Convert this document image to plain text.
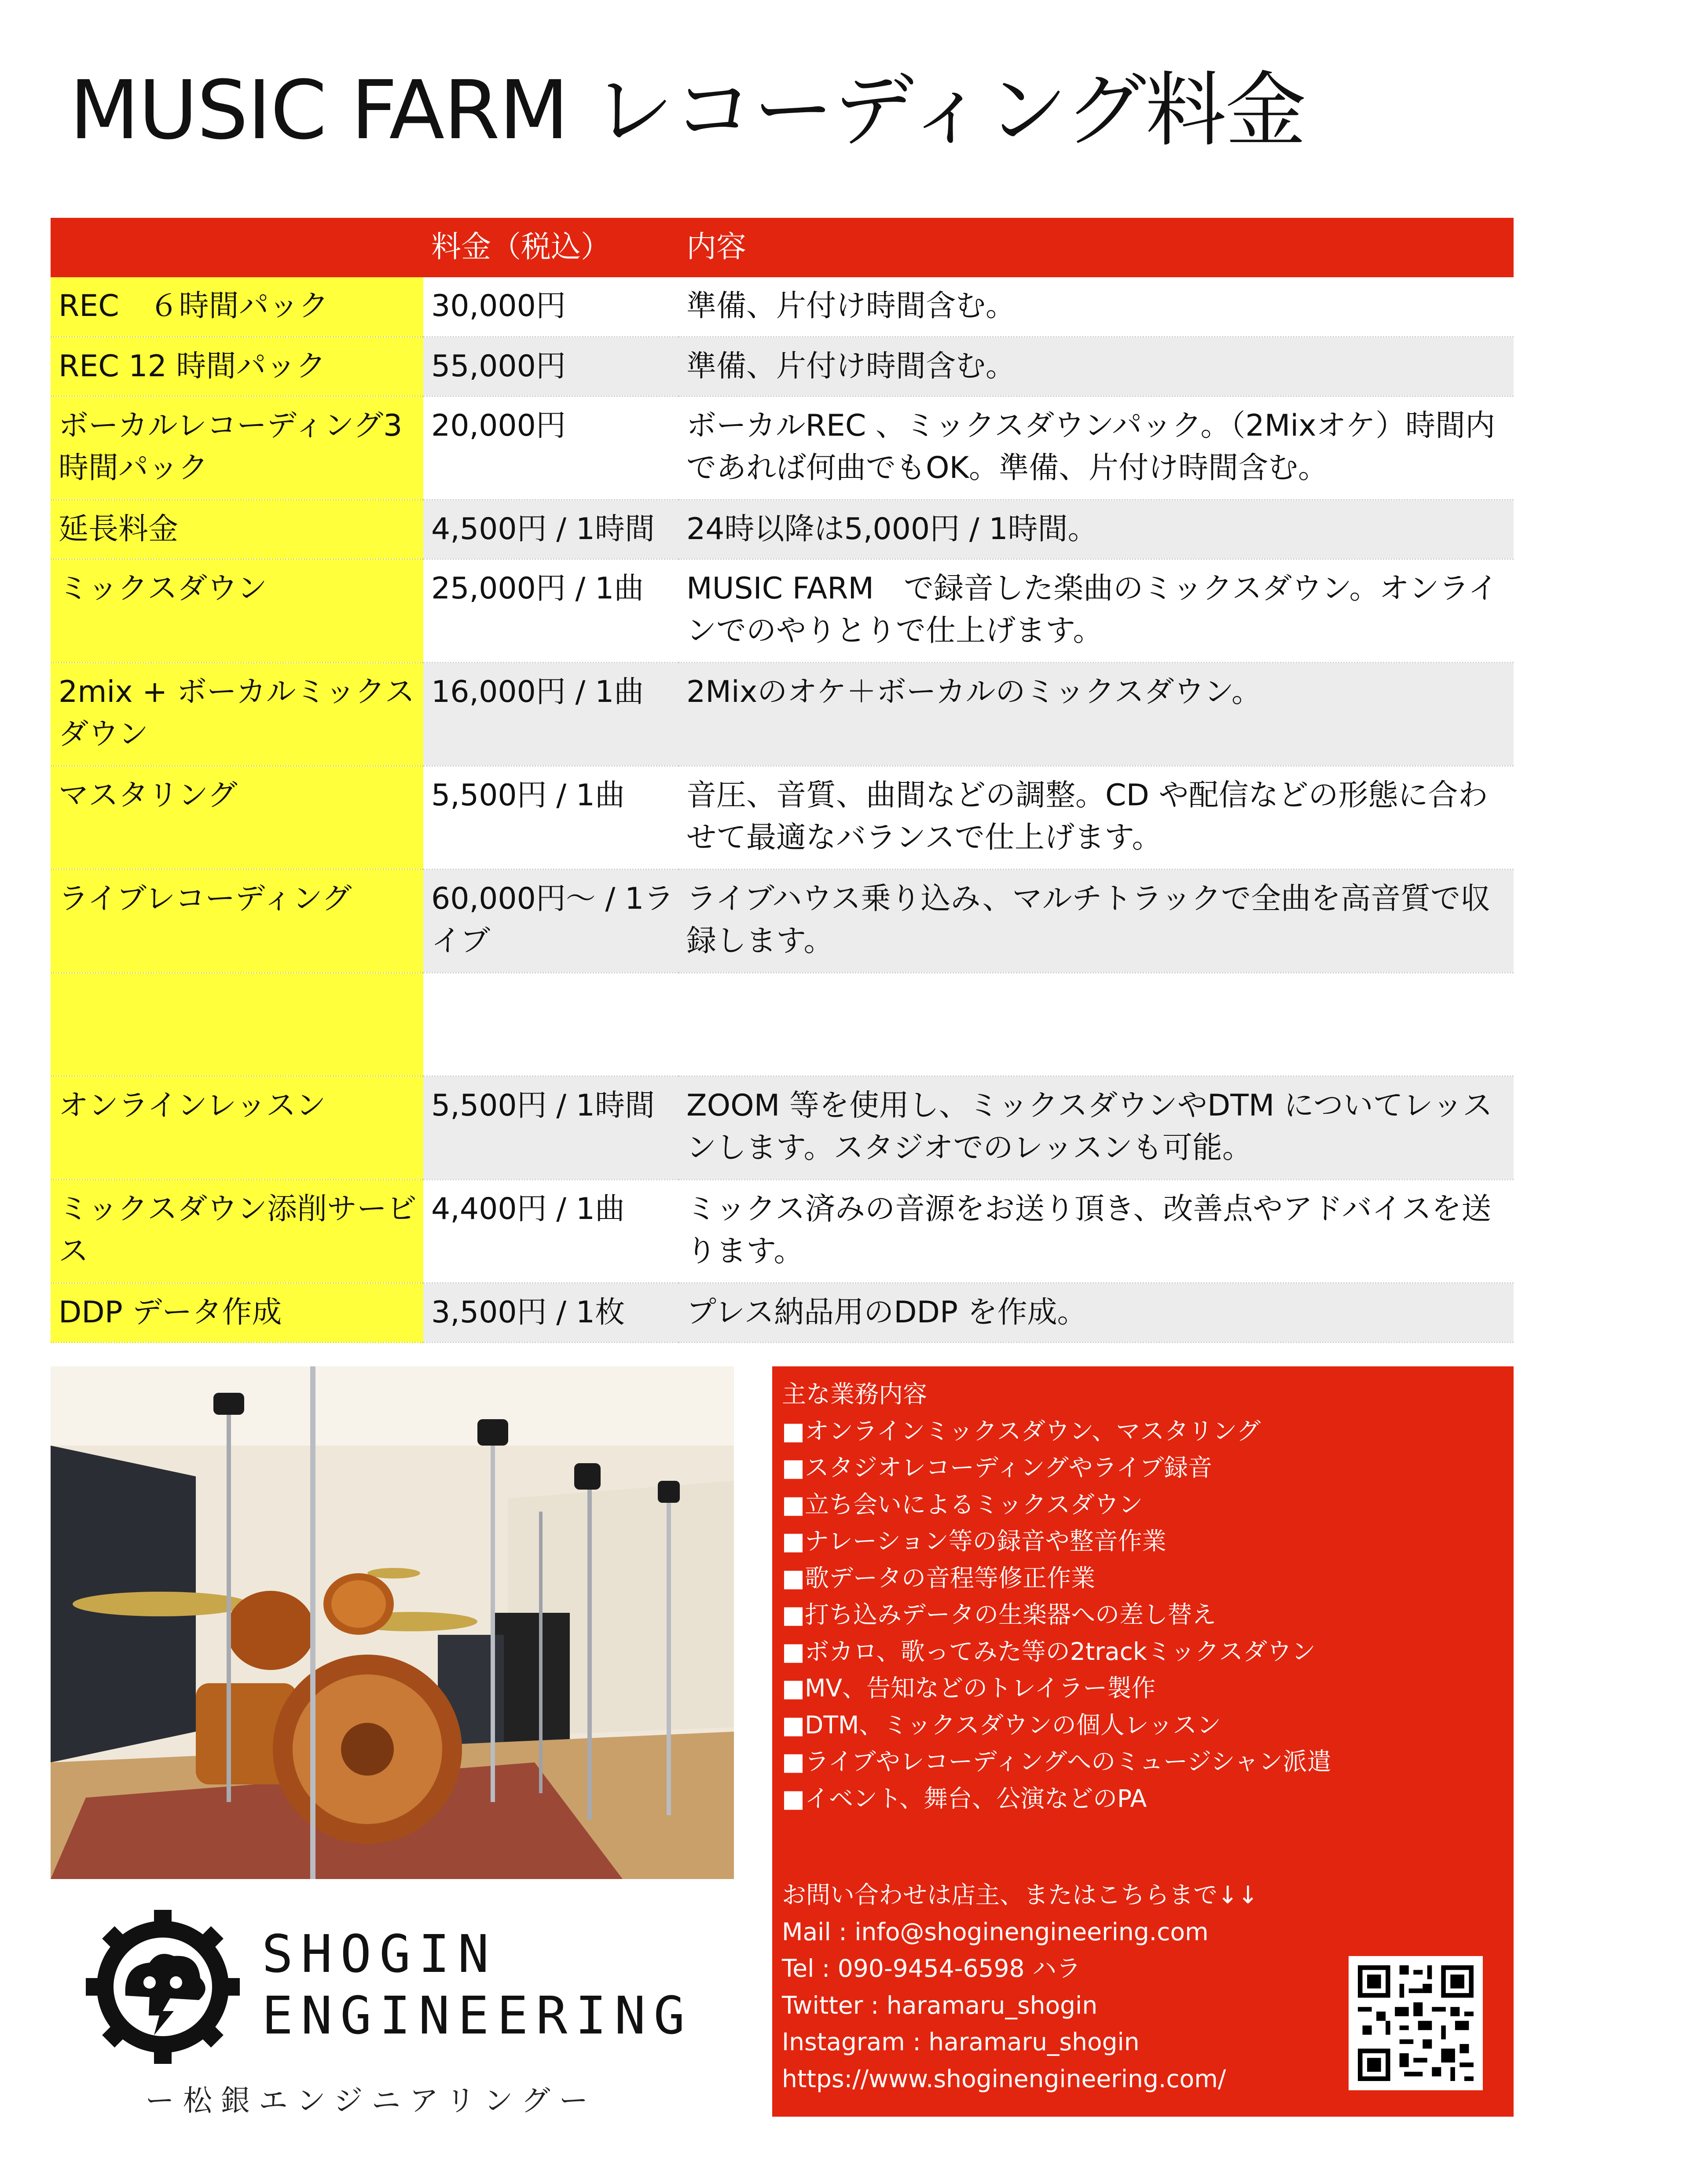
MUSIC FARM レコーディング料金
	料金（税込）	内容
REC　６時間パック	30,000円	準備、片付け時間含む。
REC 12 時間パック	55,000円	準備、片付け時間含む。
ボーカルレコーディング3時間パック	20,000円	ボーカルREC 、ミックスダウンパック。（2Mixオケ）時間内であれば何曲でもOK。準備、片付け時間含む。
延長料金	4,500円 / 1時間	24時以降は5,000円 / 1時間。
ミックスダウン	25,000円 / 1曲	MUSIC FARM　で録音した楽曲のミックスダウン。オンラインでのやりとりで仕上げます。
2mix + ボーカルミックスダウン	16,000円 / 1曲	2Mixのオケ＋ボーカルのミックスダウン。
マスタリング	5,500円 / 1曲	音圧、音質、曲間などの調整。CD や配信などの形態に合わせて最適なバランスで仕上げます。
ライブレコーディング	60,000円〜 / 1ライブ	ライブハウス乗り込み、マルチトラックで全曲を高音質で収録します。

オンラインレッスン	5,500円 / 1時間	ZOOM 等を使用し、ミックスダウンやDTM についてレッスンします。スタジオでのレッスンも可能。
ミックスダウン添削サービス	4,400円 / 1曲	ミックス済みの音源をお送り頂き、改善点やアドバイスを送ります。
DDP データ作成	3,500円 / 1枚	プレス納品用のDDP を作成。
主な業務内容
■オンラインミックスダウン、マスタリング
■スタジオレコーディングやライブ録音
■立ち会いによるミックスダウン
■ナレーション等の録音や整音作業
■歌データの音程等修正作業
■打ち込みデータの生楽器への差し替え
■ボカロ、歌ってみた等の2trackミックスダウン
■MV、告知などのトレイラー製作
■DTM、ミックスダウンの個人レッスン
■ライブやレコーディングへのミュージシャン派遣
■イベント、舞台、公演などのPA
お問い合わせは店主、またはこちらまで↓↓
Mail : info@shoginengineering.com
Tel : 090-9454-6598 ハラ
Twitter : haramaru_shogin
Instagram : haramaru_shogin
https://www.shoginengineering.com/
SHOGIN
ENGINEERING
ー松銀エンジニアリングー
